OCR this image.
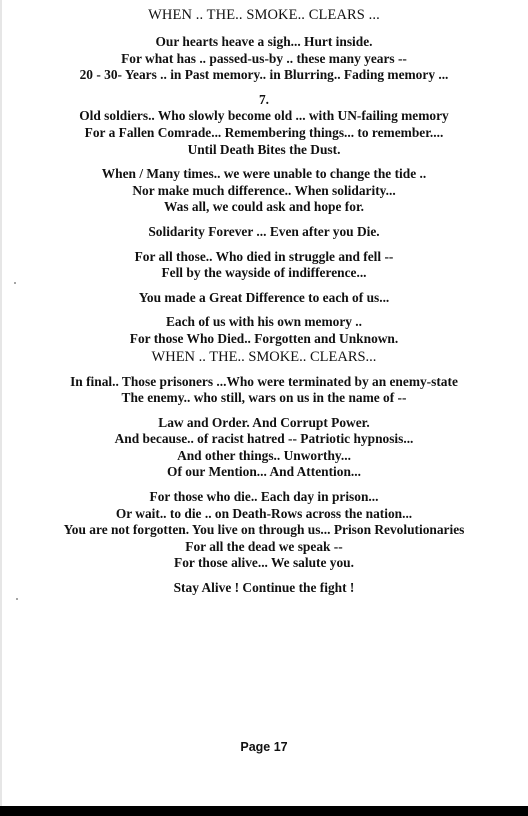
WHEN .. THE.. SMOKE.. CLEARS ...
Our hearts heave a sigh... Hurt inside.
For what has .. passed-us-by .. these many years --
20 - 30- Years .. in Past memory.. in Blurring.. Fading memory ...
7.
Old soldiers.. Who slowly become old ... with UN-failing memory
For a Fallen Comrade... Remembering things... to remember....
Until Death Bites the Dust.
When / Many times.. we were unable to change the tide ..
Nor make much difference.. When solidarity...
Was all, we could ask and hope for.
Solidarity Forever ... Even after you Die.
For all those.. Who died in struggle and fell --
Fell by the wayside of indifference...
You made a Great Difference to each of us...
Each of us with his own memory ..
For those Who Died.. Forgotten and Unknown.
WHEN .. THE.. SMOKE.. CLEARS...
In final.. Those prisoners ...Who were terminated by an enemy-state
The enemy.. who still, wars on us in the name of --
Law and Order. And Corrupt Power.
And because.. of racist hatred -- Patriotic hypnosis...
And other things.. Unworthy...
Of our Mention... And Attention...
For those who die.. Each day in prison...
Or wait.. to die .. on Death-Rows across the nation...
You are not forgotten. You live on through us... Prison Revolutionaries
For all the dead we speak --
For those alive... We salute you.
Stay Alive ! Continue the fight !
Page 17
